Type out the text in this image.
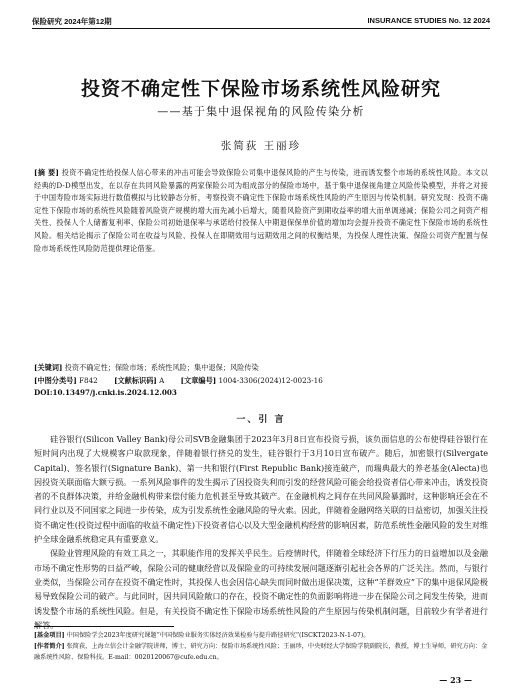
保险研究 2024年第12期	INSURANCE STUDIES No. 12 2024
投资不确定性下保险市场系统性风险研究
——基于集中退保视角的风险传染分析
张简荻 王丽珍
[摘 要] 投资不确定性给投保人信心带来的冲击可能会导致保险公司集中退保风险的产生与传染，进而诱发整个市场的系统性风险。本文以经典的D-D模型出发，在以存在共同风险暴露的两家保险公司为组成部分的保险市场中，基于集中退保视角建立风险传染模型，并将之对接于中国寿险市场实际进行数值模拟与比较静态分析，考察投资不确定性下保险市场系统性风险的产生原因与传染机制。研究发现：投资不确定性下保险市场的系统性风险随着风险资产规模的增大而先减小后增大，随着风险资产到期收益率的增大而单调递减；保险公司之间资产相关性、投保人个人储蓄复利率、保险公司初始退保率与承诺给付投保人中期退保保单价值的增加均会提升投资不确定性下保险市场的系统性风险。相关结论揭示了保险公司在收益与风险、投保人在即期效用与远期效用之间的权衡结果，为投保人理性决策、保险公司资产配置与保险市场系统性风险防范提供理论借鉴。
[关键词] 投资不确定性；保险市场；系统性风险；集中退保；风险传染
[中图分类号] F842 [文献标识码] A [文章编号] 1004-3306(2024)12-0023-16
DOI:10.13497/j.cnki.is.2024.12.003
一、引 言

硅谷银行(Silicon Valley Bank)母公司SVB金融集团于2023年3月8日宣布投资亏损，该负面信息的公布使得硅谷银行在短时间内出现了大规模客户取款现象，伴随着银行挤兑的发生，硅谷银行于3月10日宣布破产。随后，加密银行(Silvergate Capital)、签名银行(Signature Bank)、第一共和银行(First Republic Bank)接连破产，而瑞典最大的养老基金(Alecta)也因投资关联面临大额亏损。一系列风险事件的发生揭示了因投资失利而引发的经营风险可能会给投资者信心带来冲击，诱发投资者的不良群体决策，并给金融机构带来偿付能力危机甚至导致其破产。在金融机构之间存在共同风险暴露时，这种影响还会在不同行业以及不同国家之间进一步传染，成为引发系统性金融风险的导火索。因此，伴随着金融网络关联的日益密切，加强关注投资不确定性(投资过程中面临的收益不确定性)下投资者信心以及大型金融机构经营的影响因素，防范系统性金融风险的发生对维护全球金融系统稳定具有重要意义。

保险业管理风险的有效工具之一，其职能作用的发挥关乎民生。后疫情时代，伴随着全球经济下行压力的日益增加以及金融市场不确定性形势的日益严峻，保险公司的健康经营以及保险业的可持续发展问题逐渐引起社会各界的广泛关注。然而，与银行业类似，当保险公司存在投资不确定性时，其投保人也会因信心缺失而同时做出退保决策，这种“羊群效应”下的集中退保风险极易导致保险公司的破产。与此同时，因共同风险敞口的存在，投资不确定性的负面影响将进一步在保险公司之间发生传染，进而诱发整个市场的系统性风险。但是，有关投资不确定性下保险市场系统性风险的产生原因与传染机制问题，目前较少有学者进行解答。

[基金项目] 中国保险学会2023年度研究课题“中国保险业服务实体经济效果检验与提升路径研究”(ISCKT2023-N-1-07)。
[作者简介] 张简荻，上海立信会计金融学院讲师，博士，研究方向：保险市场系统性风险；王丽珍，中央财经大学保险学院副院长，教授，博士生导师，研究方向：金融系统性风险、保险科技。E-mail：0020120067@cufe.edu.cn。
— 23 —
